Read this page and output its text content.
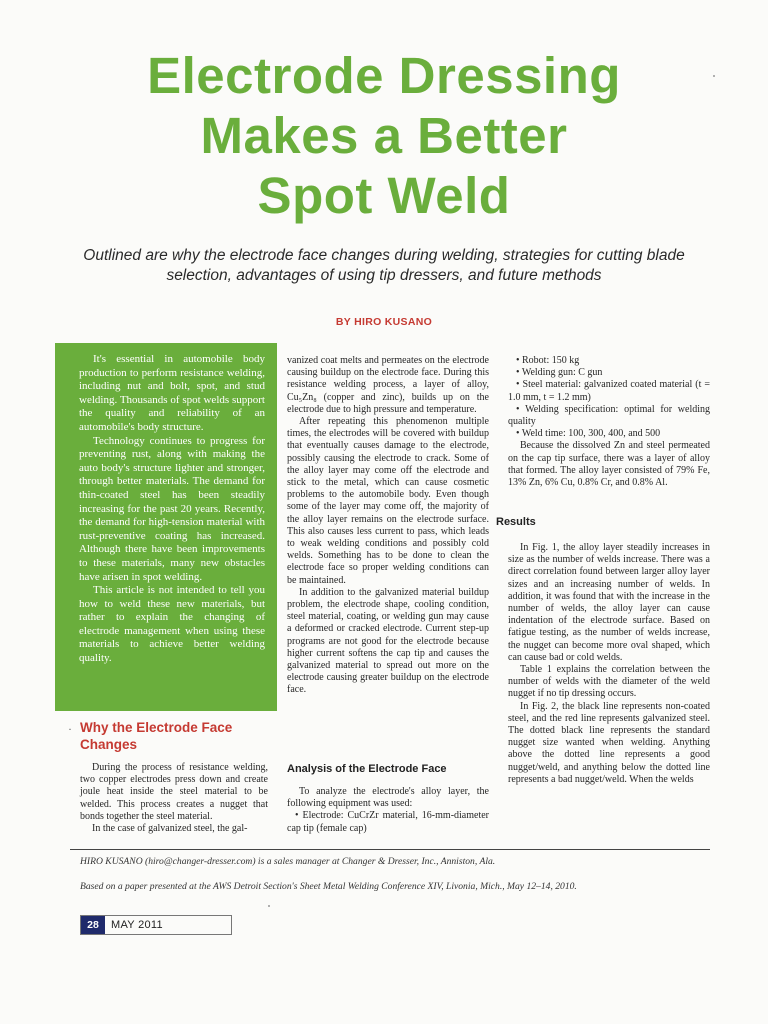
Electrode Dressing
Makes a Better
Spot Weld
Outlined are why the electrode face changes during welding, strategies for cutting blade selection, advantages of using tip dressers, and future methods
BY HIRO KUSANO

It's essential in automobile body production to perform resistance welding, including nut and bolt, spot, and stud welding. Thousands of spot welds support the quality and reliability of an automobile's body structure.

Technology continues to progress for preventing rust, along with making the auto body's structure lighter and stronger, through better materials. The demand for thin-coated steel has been steadily increasing for the past 20 years. Recently, the demand for high-tension material with rust-preventive coating has increased. Although there have been improvements to these materials, many new obstacles have arisen in spot welding.

This article is not intended to tell you how to weld these new materials, but rather to explain the changing of electrode management when using these materials to achieve better welding quality.

· Why the Electrode Face Changes

During the process of resistance welding, two copper electrodes press down and create joule heat inside the steel material to be welded. This process creates a nugget that bonds together the steel material.

In the case of galvanized steel, the gal-

vanized coat melts and permeates on the electrode causing buildup on the electrode face. During this resistance welding process, a layer of alloy, Cu₅Zn₈ (copper and zinc), builds up on the electrode due to high pressure and temperature.

After repeating this phenomenon multiple times, the electrodes will be covered with buildup that eventually causes damage to the electrode, possibly causing the electrode to crack. Some of the alloy layer may come off the electrode and stick to the metal, which can cause cosmetic problems to the automobile body. Even though some of the layer may come off, the majority of the alloy layer remains on the electrode surface. This also causes less current to pass, which leads to weak welding conditions and possibly cold welds. Something has to be done to clean the electrode face so proper welding conditions can be maintained.

In addition to the galvanized material buildup problem, the electrode shape, cooling condition, steel material, coating, or welding gun may cause a deformed or cracked electrode. Current step-up programs are not good for the electrode because higher current softens the cap tip and causes the galvanized material to spread out more on the electrode causing greater buildup on the electrode face.

Analysis of the Electrode Face

To analyze the electrode's alloy layer, the following equipment was used:

• Electrode: CuCrZr material, 16-mm-diameter cap tip (female cap)

• Robot: 150 kg

• Welding gun: C gun

• Steel material: galvanized coated material (t = 1.0 mm, t = 1.2 mm)

• Welding specification: optimal for welding quality

• Weld time: 100, 300, 400, and 500

Because the dissolved Zn and steel permeated on the cap tip surface, there was a layer of alloy that formed. The alloy layer consisted of 79% Fe, 13% Zn, 6% Cu, 0.8% Cr, and 0.8% Al.

Results

In Fig. 1, the alloy layer steadily increases in size as the number of welds increase. There was a direct correlation found between larger alloy layer sizes and an increasing number of welds. In addition, it was found that with the increase in the number of welds, the alloy layer can cause indentation of the electrode surface. Based on fatigue testing, as the number of welds increase, the nugget can become more oval shaped, which can cause bad or cold welds.

Table 1 explains the correlation between the number of welds with the diameter of the weld nugget if no tip dressing occurs.

In Fig. 2, the black line represents non-coated steel, and the red line represents galvanized steel. The dotted black line represents the standard nugget size wanted when welding. Anything above the dotted line represents a good nugget/weld, and anything below the dotted line represents a bad nugget/weld. When the welds

HIRO KUSANO (hiro@changer-dresser.com) is a sales manager at Changer & Dresser, Inc., Anniston, Ala.
Based on a paper presented at the AWS Detroit Section's Sheet Metal Welding Conference XIV, Livonia, Mich., May 12–14, 2010.
28	MAY 2011
